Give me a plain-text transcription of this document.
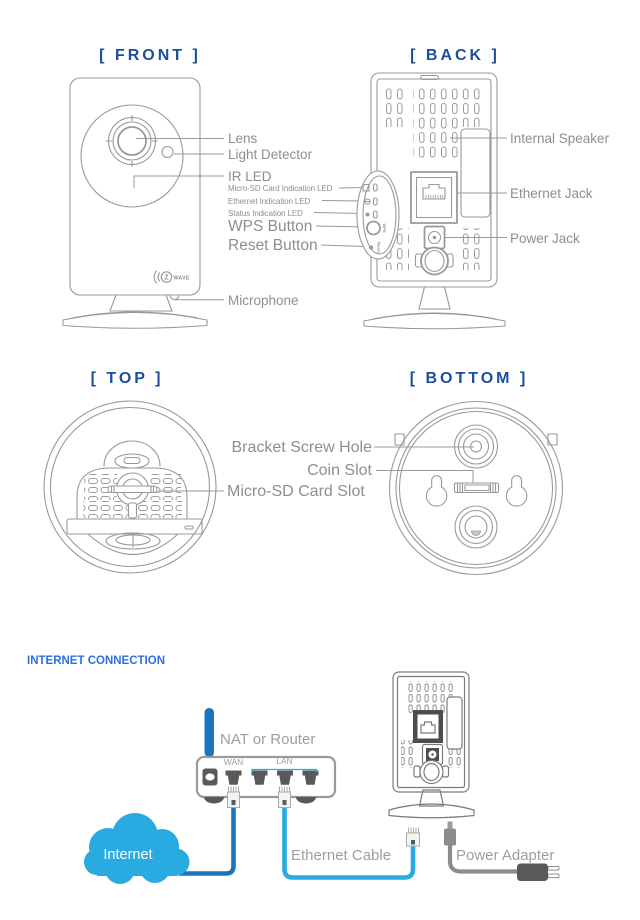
Z WAVE
WPS
Reset
[ FRONT ]	[ BACK ]
[ TOP ]	[ BOTTOM ]
Lens
Light Detector
IR LED
Micro-SD Card Indication LED
Ethernet Indication LED
Status Indication LED
WPS Button
Reset Button
Microphone
Internal Speaker
Ethernet Jack
Power Jack
Bracket Screw Hole
Coin Slot
Micro-SD Card Slot
INTERNET CONNECTION
NAT or Router
WAN	LAN
Internet	Ethernet Cable	Power Adapter
